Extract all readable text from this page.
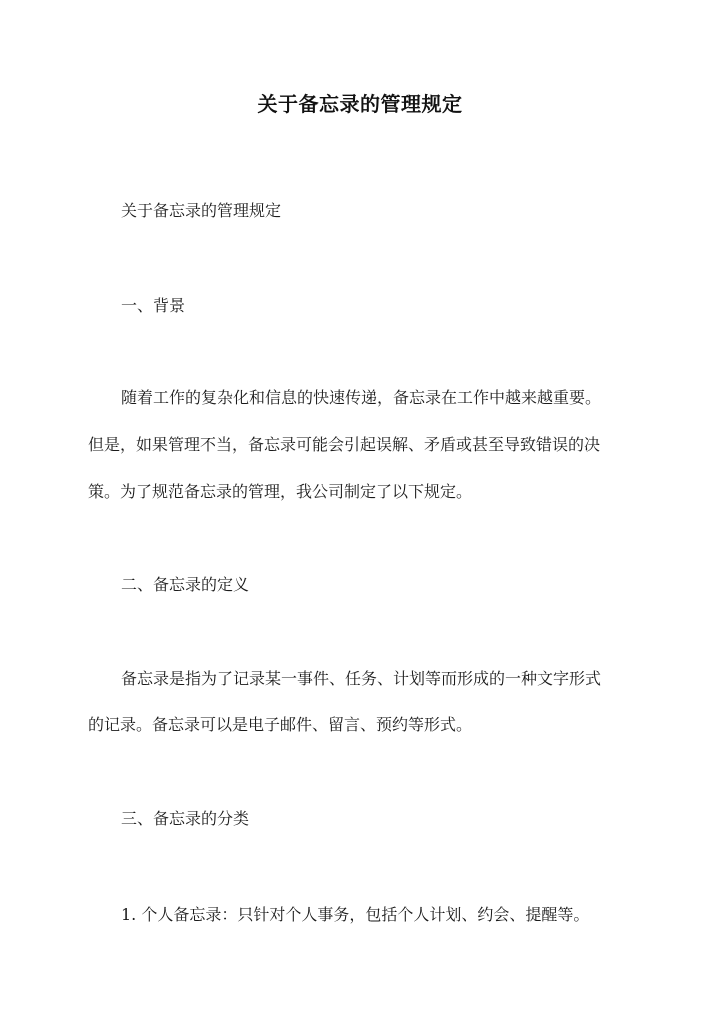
关于备忘录的管理规定
关于备忘录的管理规定
一、背景
随着工作的复杂化和信息的快速传递，备忘录在工作中越来越重要。
但是，如果管理不当，备忘录可能会引起误解、矛盾或甚至导致错误的决
策。为了规范备忘录的管理，我公司制定了以下规定。
二、备忘录的定义
备忘录是指为了记录某一事件、任务、计划等而形成的一种文字形式
的记录。备忘录可以是电子邮件、留言、预约等形式。
三、备忘录的分类
1. 个人备忘录：只针对个人事务，包括个人计划、约会、提醒等。
